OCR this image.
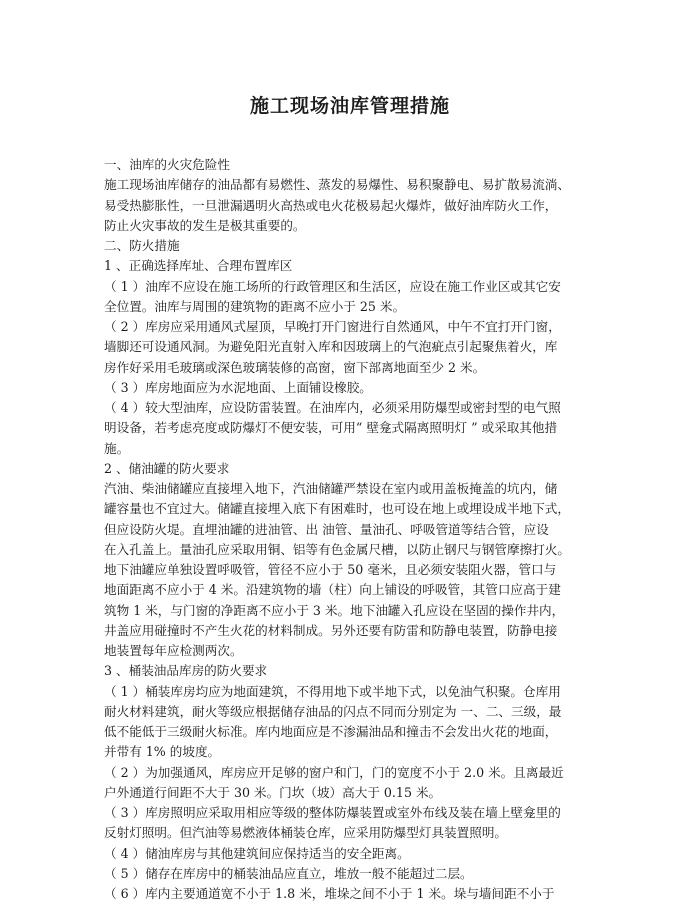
施工现场油库管理措施
一、油库的火灾危险性
施工现场油库储存的油品都有易燃性、蒸发的易爆性、易积聚静电、易扩散易流淌、
易受热膨胀性，一旦泄漏遇明火高热或电火花极易起火爆炸，做好油库防火工作，
防止火灾事故的发生是极其重要的。
二、防火措施
1 、正确选择库址、合理布置库区
（ 1 ）油库不应设在施工场所的行政管理区和生活区，应设在施工作业区或其它安
全位置。油库与周围的建筑物的距离不应小于 25 米。
（ 2 ）库房应采用通风式屋顶，早晚打开门窗进行自然通风，中午不宜打开门窗，
墙脚还可设通风洞。为避免阳光直射入库和因玻璃上的气泡疵点引起聚焦着火，库
房作好采用毛玻璃或深色玻璃装修的高窗，窗下部离地面至少 2 米。
（ 3 ）库房地面应为水泥地面、上面铺设橡胶。
（ 4 ）较大型油库，应设防雷装置。在油库内，必须采用防爆型或密封型的电气照
明设备，若考虑亮度或防爆灯不便安装，可用“ 壁龛式隔离照明灯 ” 或采取其他措
施。
2 、储油罐的防火要求
汽油、柴油储罐应直接埋入地下，汽油储罐严禁设在室内或用盖板掩盖的坑内，储
罐容量也不宜过大。储罐直接埋入底下有困难时，也可设在地上或埋设成半地下式，
但应设防火堤。直埋油罐的进油管、出 油管、量油孔、呼吸管道等结合管，应设
在入孔盖上。量油孔应采取用铜、铝等有色金属尺槽，以防止钢尺与钢管摩擦打火。
地下油罐应单独设置呼吸管，管径不应小于 50 毫米，且必须安装阻火器，管口与
地面距离不应小于 4 米。沿建筑物的墙（柱）向上铺设的呼吸管，其管口应高于建
筑物 1 米，与门窗的净距离不应小于 3 米。地下油罐入孔应设在坚固的操作井内，
井盖应用碰撞时不产生火花的材料制成。另外还要有防雷和防静电装置，防静电接
地装置每年应检测两次。
3 、桶装油品库房的防火要求
（ 1 ）桶装库房均应为地面建筑，不得用地下或半地下式，以免油气积聚。仓库用
耐火材料建筑，耐火等级应根据储存油品的闪点不同而分别定为 一、二、三级，最
低不能低于三级耐火标准。库内地面应是不渗漏油品和撞击不会发出火花的地面，
并带有 1% 的坡度。
（ 2 ）为加强通风，库房应开足够的窗户和门，门的宽度不小于 2.0 米。且离最近
户外通道行间距不大于 30 米。门坎（坡）高大于 0.15 米。
（ 3 ）库房照明应采取用相应等级的整体防爆装置或室外布线及装在墙上壁龛里的
反射灯照明。但汽油等易燃液体桶装仓库，应采用防爆型灯具装置照明。
（ 4 ）储油库房与其他建筑间应保持适当的安全距离。
（ 5 ）储存在库房中的桶装油品应直立，堆放一般不能超过二层。
（ 6 ）库内主要通道宽不小于 1.8 米，堆垛之间不小于 1 米。垛与墙间距不小于
